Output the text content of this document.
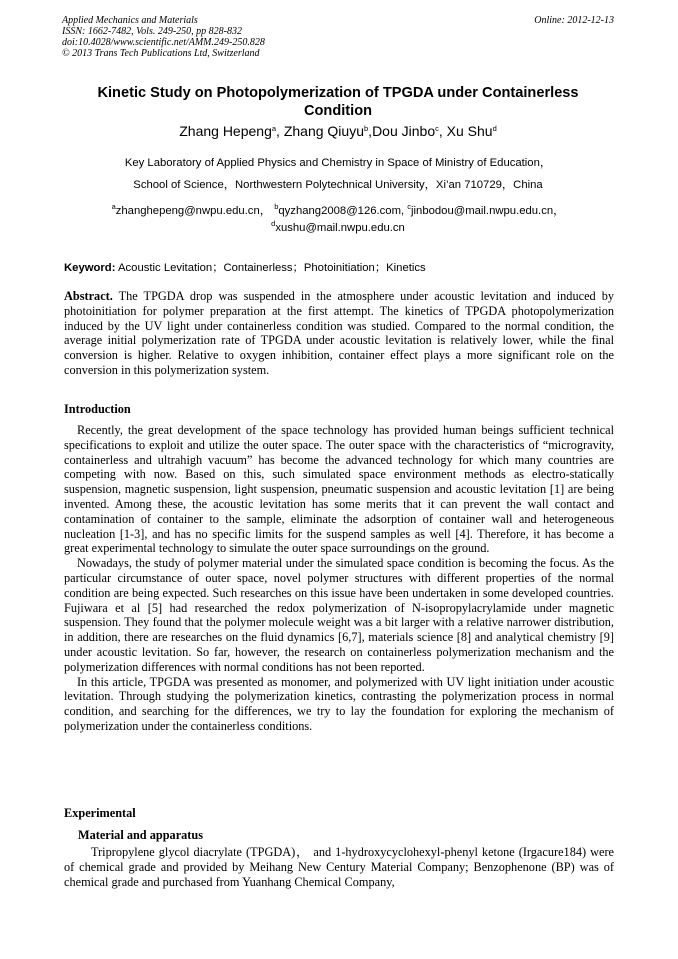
Applied Mechanics and Materials
ISSN: 1662-7482, Vols. 249-250, pp 828-832
doi:10.4028/www.scientific.net/AMM.249-250.828
© 2013 Trans Tech Publications Ltd, Switzerland
Online: 2012-12-13
Kinetic Study on Photopolymerization of TPGDA under Containerless Condition
Zhang Hepeng$^a$, Zhang Qiuyu$^b$,Dou Jinbo$^c$, Xu Shu$^d$
Key Laboratory of Applied Physics and Chemistry in Space of Ministry of Education，
School of Science，Northwestern Polytechnical University，Xi’an 710729，China
$^a$zhanghepeng@nwpu.edu.cn， $^b$qyzhang2008@126.com, $^c$jinbodou@mail.nwpu.edu.cn，
$^d$xushu@mail.nwpu.edu.cn
Keyword: Acoustic Levitation；Containerless；Photoinitiation；Kinetics
Abstract. The TPGDA drop was suspended in the atmosphere under acoustic levitation and induced by photoinitiation for polymer preparation at the first attempt. The kinetics of TPGDA photopolymerization induced by the UV light under containerless condition was studied. Compared to the normal condition, the average initial polymerization rate of TPGDA under acoustic levitation is relatively lower, while the final conversion is higher. Relative to oxygen inhibition, container effect plays a more significant role on the conversion in this polymerization system.
Introduction

Recently, the great development of the space technology has provided human beings sufficient technical specifications to exploit and utilize the outer space. The outer space with the characteristics of “microgravity, containerless and ultrahigh vacuum” has become the advanced technology for which many countries are competing with now. Based on this, such simulated space environment methods as electro-statically suspension, magnetic suspension, light suspension, pneumatic suspension and acoustic levitation [1] are being invented. Among these, the acoustic levitation has some merits that it can prevent the wall contact and contamination of container to the sample, eliminate the adsorption of container wall and heterogeneous nucleation [1-3], and has no specific limits for the suspend samples as well [4]. Therefore, it has become a great experimental technology to simulate the outer space surroundings on the ground.

Nowadays, the study of polymer material under the simulated space condition is becoming the focus. As the particular circumstance of outer space, novel polymer structures with different properties of the normal condition are being expected. Such researches on this issue have been undertaken in some developed countries. Fujiwara et al [5] had researched the redox polymerization of N-isopropylacrylamide under magnetic suspension. They found that the polymer molecule weight was a bit larger with a relative narrower distribution, in addition, there are researches on the fluid dynamics [6,7], materials science [8] and analytical chemistry [9] under acoustic levitation. So far, however, the research on containerless polymerization mechanism and the polymerization differences with normal conditions has not been reported.

In this article, TPGDA was presented as monomer, and polymerized with UV light initiation under acoustic levitation. Through studying the polymerization kinetics, contrasting the polymerization process in normal condition, and searching for the differences, we try to lay the foundation for exploring the mechanism of polymerization under the containerless conditions.

Experimental
Material and apparatus

Tripropylene glycol diacrylate (TPGDA)， and 1-hydroxycyclohexyl-phenyl ketone (Irgacure184) were of chemical grade and provided by Meihang New Century Material Company; Benzophenone (BP) was of chemical grade and purchased from Yuanhang Chemical Company,
